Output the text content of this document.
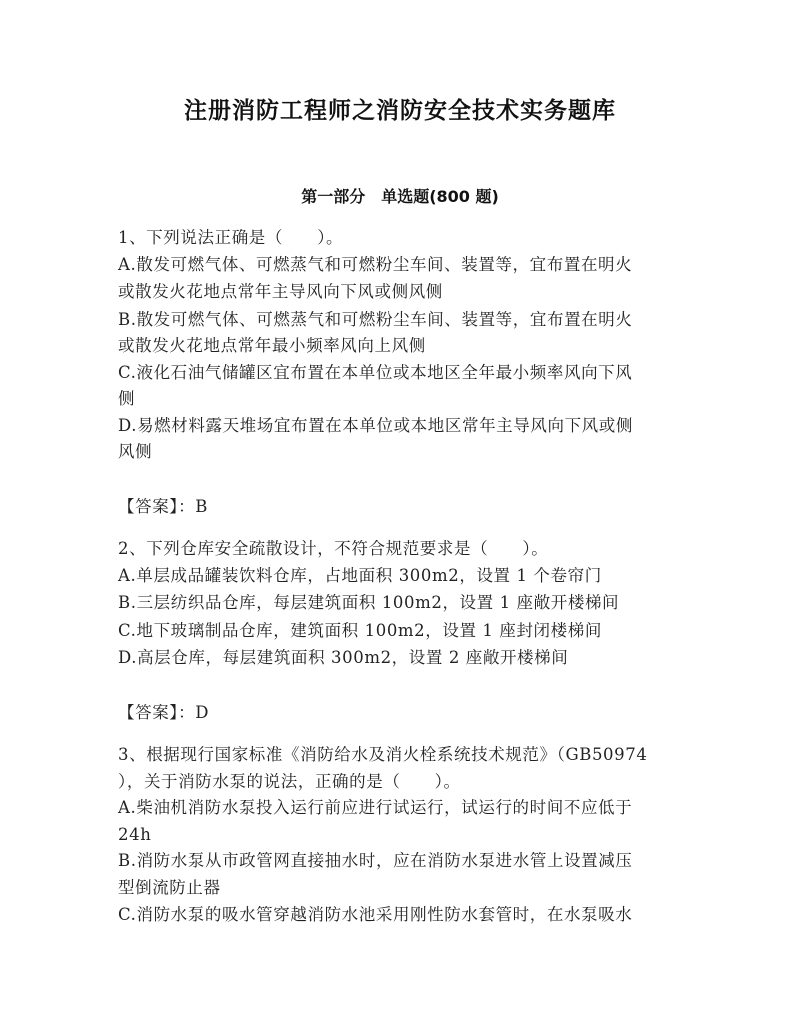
注册消防工程师之消防安全技术实务题库
第一部分　单选题(800 题)
1、下列说法正确是（　　）。
A.散发可燃气体、可燃蒸气和可燃粉尘车间、装置等，宜布置在明火
或散发火花地点常年主导风向下风或侧风侧
B.散发可燃气体、可燃蒸气和可燃粉尘车间、装置等，宜布置在明火
或散发火花地点常年最小频率风向上风侧
C.液化石油气储罐区宜布置在本单位或本地区全年最小频率风向下风
侧
D.易燃材料露天堆场宜布置在本单位或本地区常年主导风向下风或侧
风侧
【答案】：B
2、下列仓库安全疏散设计，不符合规范要求是（　　）。
A.单层成品罐装饮料仓库，占地面积 300m2，设置 1 个卷帘门
B.三层纺织品仓库，每层建筑面积 100m2，设置 1 座敞开楼梯间
C.地下玻璃制品仓库，建筑面积 100m2，设置 1 座封闭楼梯间
D.高层仓库，每层建筑面积 300m2，设置 2 座敞开楼梯间
【答案】：D
3、根据现行国家标准《消防给水及消火栓系统技术规范》（GB50974
），关于消防水泵的说法，正确的是（　　）。
A.柴油机消防水泵投入运行前应进行试运行，试运行的时间不应低于
24h
B.消防水泵从市政管网直接抽水时，应在消防水泵进水管上设置减压
型倒流防止器
C.消防水泵的吸水管穿越消防水池采用刚性防水套管时，在水泵吸水
